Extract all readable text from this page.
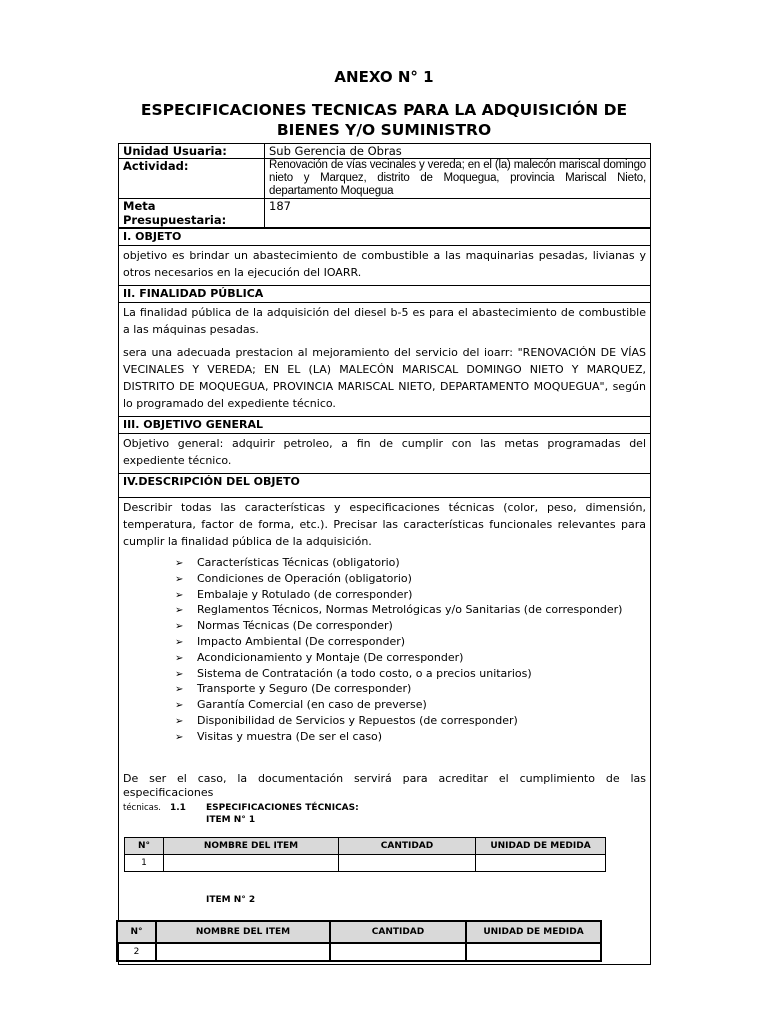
ANEXO N° 1
ESPECIFICACIONES TECNICAS PARA LA ADQUISICIÓN DE BIENES Y/O SUMINISTRO
Unidad Usuaria:	Sub Gerencia de Obras
Actividad:	Renovación de vías vecinales y vereda; en el (la) malecón mariscal domingo nieto y Marquez, distrito de Moquegua, provincia Mariscal Nieto, departamento Moquegua
Meta Presupuestaria:	187
I. OBJETO
objetivo es brindar un abastecimiento de combustible a las maquinarias pesadas, livianas y otros necesarios en la ejecución del IOARR.
II. FINALIDAD PÚBLICA

La finalidad pública de la adquisición del diesel b-5 es para el abastecimiento de combustible a las máquinas pesadas.

sera una adecuada prestacion al mejoramiento del servicio del ioarr: "RENOVACIÓN DE VÍAS VECINALES Y VEREDA; EN EL (LA) MALECÓN MARISCAL DOMINGO NIETO Y MARQUEZ, DISTRITO DE MOQUEGUA, PROVINCIA MARISCAL NIETO, DEPARTAMENTO MOQUEGUA", según lo programado del expediente técnico.

III. OBJETIVO GENERAL
Objetivo general: adquirir petroleo, a fin de cumplir con las metas programadas del expediente técnico.
IV.DESCRIPCIÓN DEL OBJETO
Describir todas las características y especificaciones técnicas (color, peso, dimensión, temperatura, factor de forma, etc.). Precisar las características funcionales relevantes para cumplir la finalidad pública de la adquisición.
➢ Características Técnicas (obligatorio)
➢ Condiciones de Operación (obligatorio)
➢ Embalaje y Rotulado (de corresponder)
➢ Reglamentos Técnicos, Normas Metrológicas y/o Sanitarias (de corresponder)
➢ Normas Técnicas (De corresponder)
➢ Impacto Ambiental (De corresponder)
➢ Acondicionamiento y Montaje (De corresponder)
➢ Sistema de Contratación (a todo costo, o a precios unitarios)
➢ Transporte y Seguro (De corresponder)
➢ Garantía Comercial (en caso de preverse)
➢ Disponibilidad de Servicios y Repuestos (de corresponder)
➢ Visitas y muestra (De ser el caso)
De ser el caso, la documentación servirá para acreditar el cumplimiento de las especificaciones
técnicas.	1.1 ESPECIFICACIONES TÉCNICAS:
ITEM N° 1
N°	NOMBRE DEL ITEM	CANTIDAD	UNIDAD DE MEDIDA
1			
ITEM N° 2
N°	NOMBRE DEL ITEM	CANTIDAD	UNIDAD DE MEDIDA
2			
